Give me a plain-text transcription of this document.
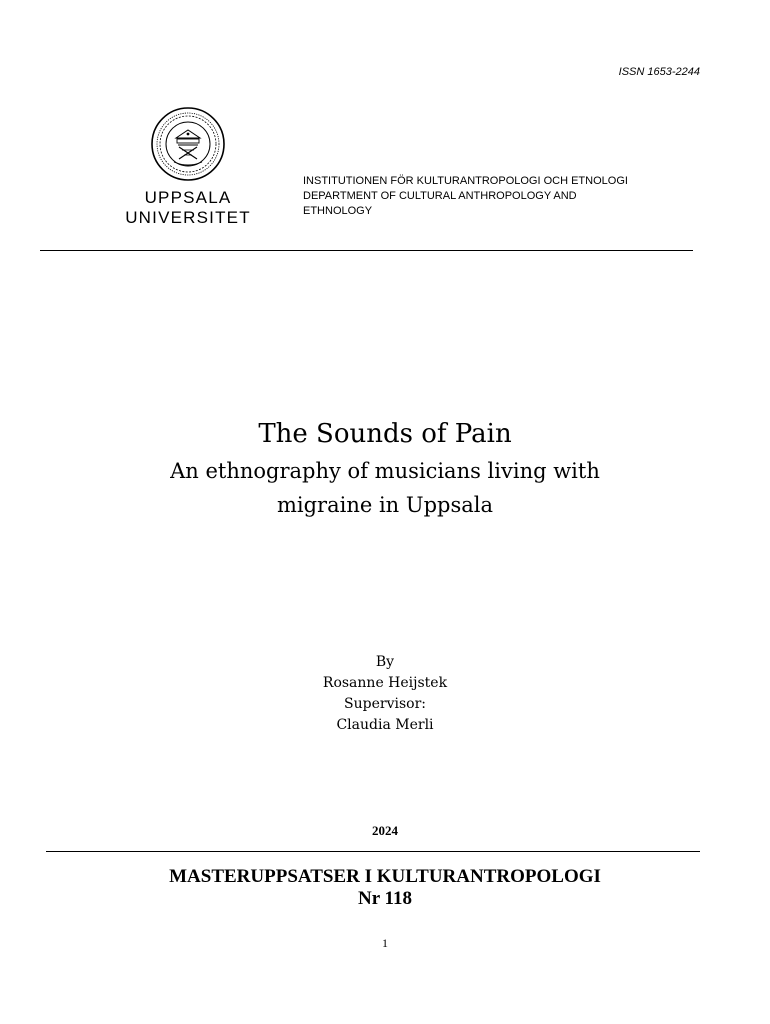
ISSN 1653-2244
UPPSALA
UNIVERSITET
INSTITUTIONEN FÖR KULTURANTROPOLOGI OCH ETNOLOGI
DEPARTMENT OF CULTURAL ANTHROPOLOGY AND
ETHNOLOGY
The Sounds of Pain
An ethnography of musicians living with
migraine in Uppsala
By
Rosanne Heijstek
Supervisor:
Claudia Merli
2024
MASTERUPPSATSER I KULTURANTROPOLOGI
Nr 118
1
